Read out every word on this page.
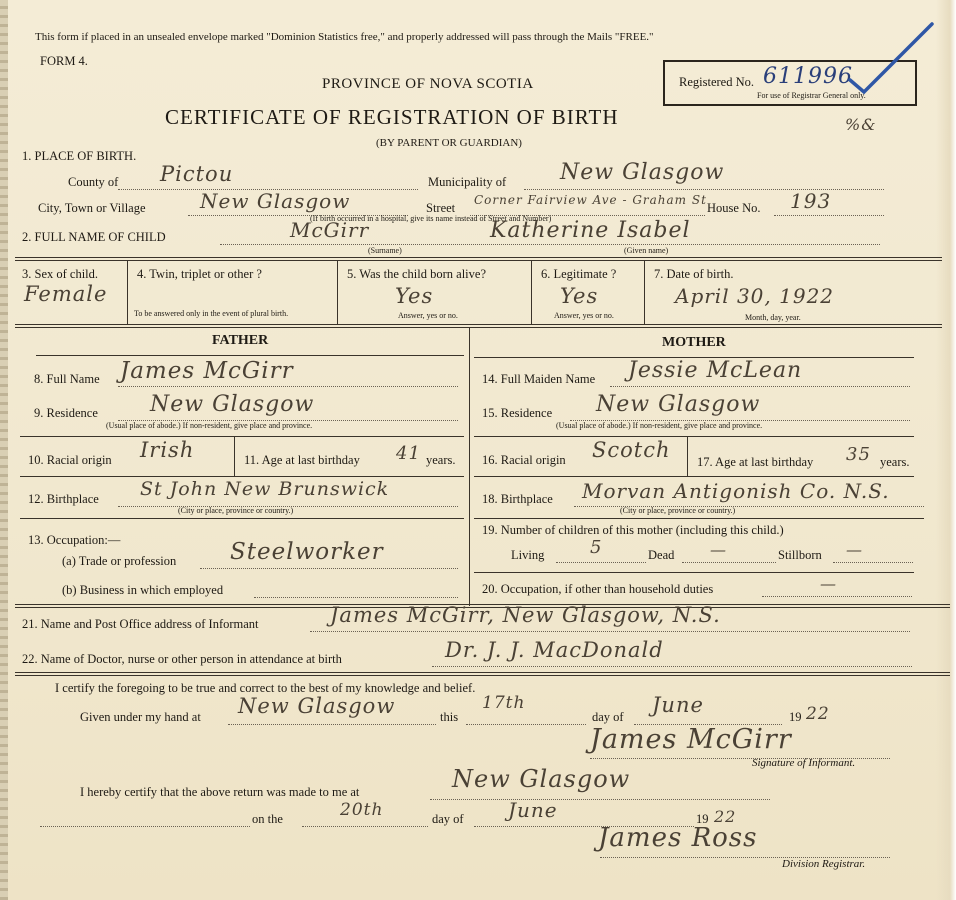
This form if placed in an unsealed envelope marked "Dominion Statistics free," and properly addressed will pass through the Mails "FREE."
FORM 4.
PROVINCE OF NOVA SCOTIA
CERTIFICATE OF REGISTRATION OF BIRTH
(BY PARENT OR GUARDIAN)
Registered No. 611996
For use of Registrar General only.
%&
1. PLACE OF BIRTH.
County of Pictou	Municipality of New Glasgow
City, Town or Village	New Glasgow	Street
Corner Fairview Ave - Graham St
House No. 193
(If birth occurred in a hospital, give its name instead of Street and Number)
2. FULL NAME OF CHILD	McGirr
(Surname)
Katherine Isabel
(Given name)
3. Sex of child.
Female
4. Twin, triplet or other ?
To be answered only in the event of plural birth.
5. Was the child born alive?
Yes
Answer, yes or no.
6. Legitimate ?
Yes
Answer, yes or no.
7. Date of birth.
April 30, 1922
Month, day, year.
FATHER	MOTHER
8. Full Name James McGirr
9. Residence New Glasgow
(Usual place of abode.) If non-resident, give place and province.
10. Racial origin Irish	11. Age at last birthday 41 years.
12. Birthplace St John New Brunswick
(City or place, province or country.)
13. Occupation:—
(a) Trade or profession Steelworker
(b) Business in which employed
14. Full Maiden Name Jessie McLean
15. Residence New Glasgow
(Usual place of abode.) If non-resident, give place and province.
16. Racial origin Scotch 17. Age at last birthday 35 years.
18. Birthplace Morvan Antigonish Co. N.S.
(City or place, province or country.)
19. Number of children of this mother (including this child.)
Living	5	Dead —	Stillborn —
20. Occupation, if other than household duties	—
21. Name and Post Office address of Informant	James McGirr, New Glasgow, N.S.
22. Name of Doctor, nurse or other person in attendance at birth	Dr. J. J. MacDonald
I certify the foregoing to be true and correct to the best of my knowledge and belief.
Given under my hand at New Glasgow	this
17th
day of June	19 22
James McGirr
Signature of Informant.
I hereby certify that the above return was made to me at	New Glasgow
on the	20th	day of June	19 22
James Ross
Division Registrar.
